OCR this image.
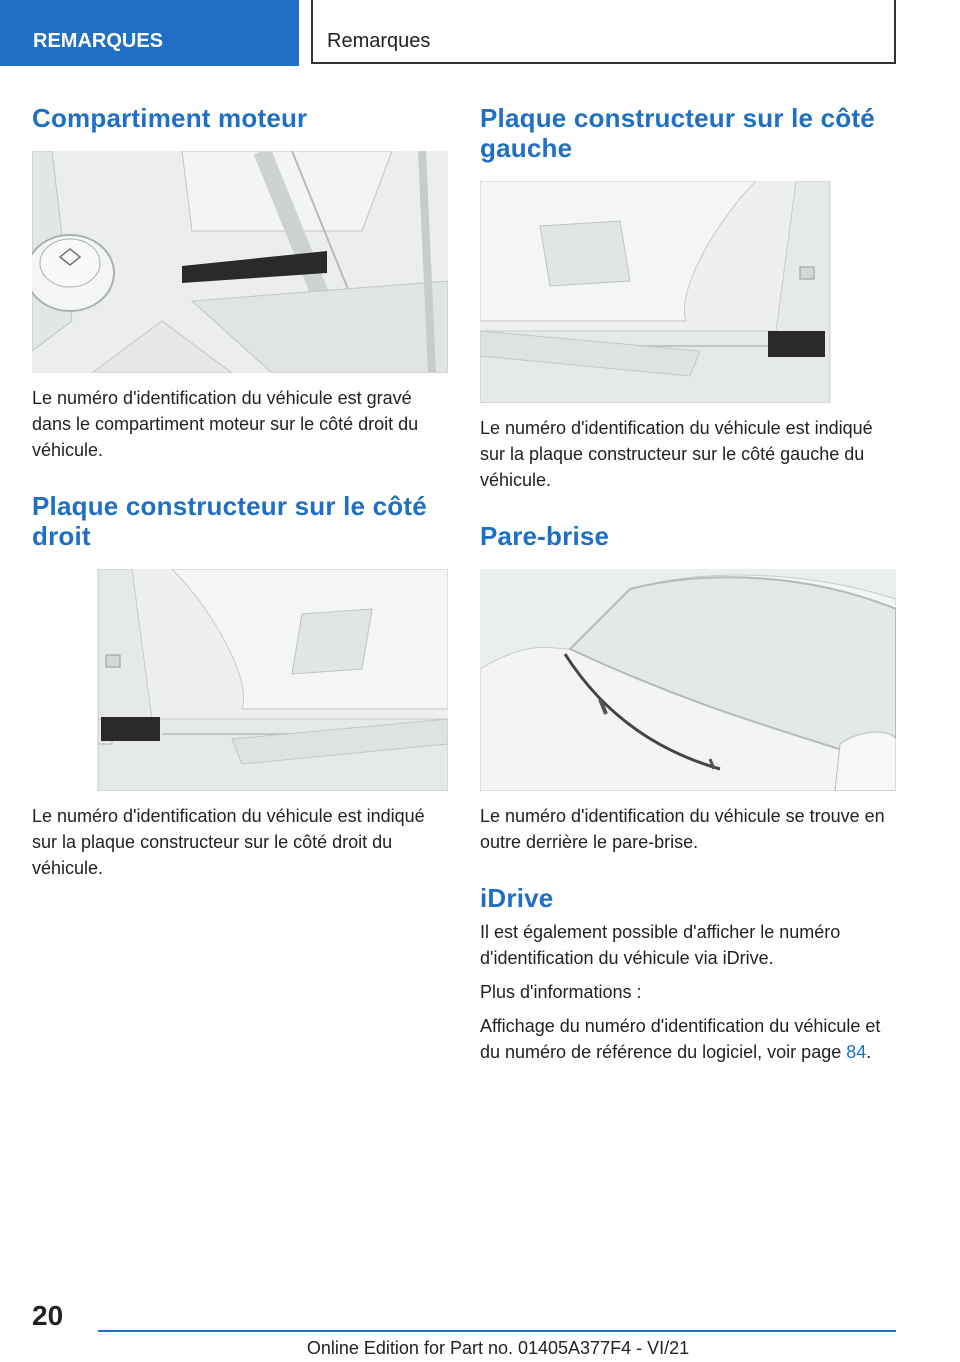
REMARQUES	Remarques
Compartiment moteur

Le numéro d'identification du véhicule est gravé dans le compartiment moteur sur le côté droit du véhicule.

Plaque constructeur sur le côté droit

Le numéro d'identification du véhicule est indiqué sur la plaque constructeur sur le côté droit du véhicule.

Plaque constructeur sur le côté gauche

Le numéro d'identification du véhicule est indiqué sur la plaque constructeur sur le côté gauche du véhicule.

Pare-brise

Le numéro d'identification du véhicule se trouve en outre derrière le pare-brise.

iDrive

Il est également possible d'afficher le numéro d'identification du véhicule via iDrive.

Plus d'informations :

Affichage du numéro d'identification du véhicule et du numéro de référence du logiciel, voir page 84.

20
Online Edition for Part no. 01405A377F4 - VI/21
